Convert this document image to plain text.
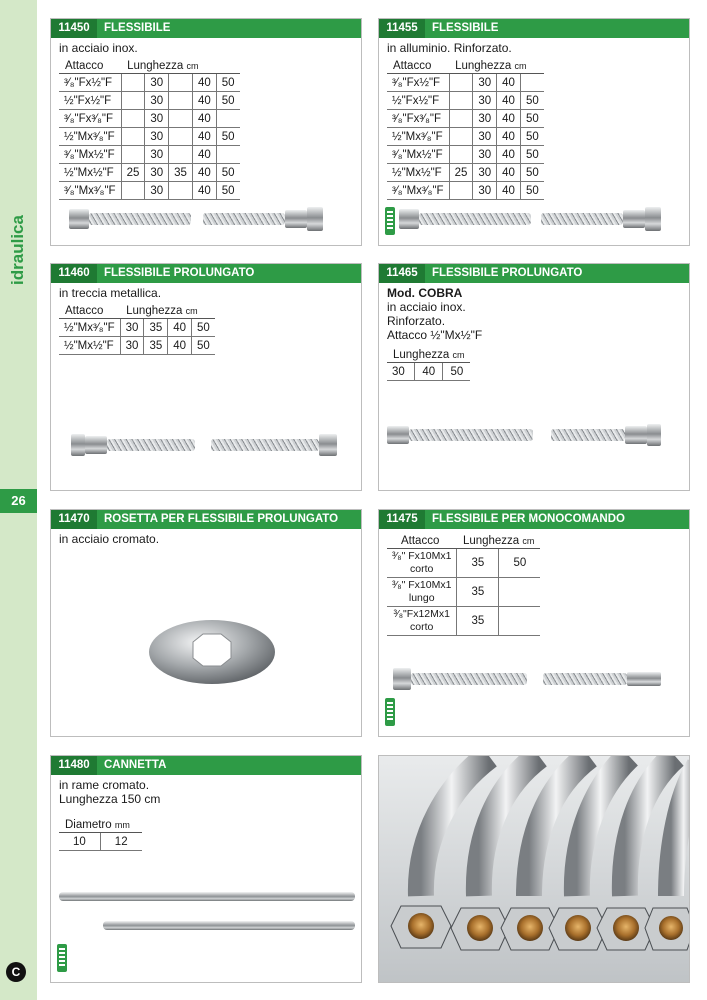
idraulica
26
C
11450	FLESSIBILE
in acciaio inox.
Attacco	Lunghezza cm				
³⁄₈"Fx½"F		30		40	50
½"Fx½"F		30		40	50
³⁄₈"Fx³⁄₈"F		30		40	
½"Mx³⁄₈"F		30		40	50
³⁄₈"Mx½"F		30		40	
½"Mx½"F	25	30	35	40	50
³⁄₈"Mx³⁄₈"F		30		40	50
11455	FLESSIBILE
in alluminio. Rinforzato.
Attacco	Lunghezza cm			
³⁄₈"Fx½"F		30	40	
½"Fx½"F		30	40	50
³⁄₈"Fx³⁄₈"F		30	40	50
½"Mx³⁄₈"F		30	40	50
³⁄₈"Mx½"F		30	40	50
½"Mx½"F	25	30	40	50
³⁄₈"Mx³⁄₈"F		30	40	50
11460	FLESSIBILE PROLUNGATO
in treccia metallica.
Attacco	Lunghezza cm			
½"Mx³⁄₈"F	30	35	40	50
½"Mx½"F	30	35	40	50
11465	FLESSIBILE PROLUNGATO
Mod. COBRA
in acciaio inox.
Rinforzato.
Attacco ½"Mx½"F
Lunghezza cm
30	40	50
11470	ROSETTA PER FLESSIBILE PROLUNGATO
in acciaio cromato.
11475	FLESSIBILE PER MONOCOMANDO
Attacco	Lunghezza cm	

³⁄₈" Fx10Mx1
corto	35	50

³⁄₈" Fx10Mx1
lungo	35	

³⁄₈"Fx12Mx1
corto	35	
11480	CANNETTA
in rame cromato.
Lunghezza 150 cm
Diametro mm
10	12
